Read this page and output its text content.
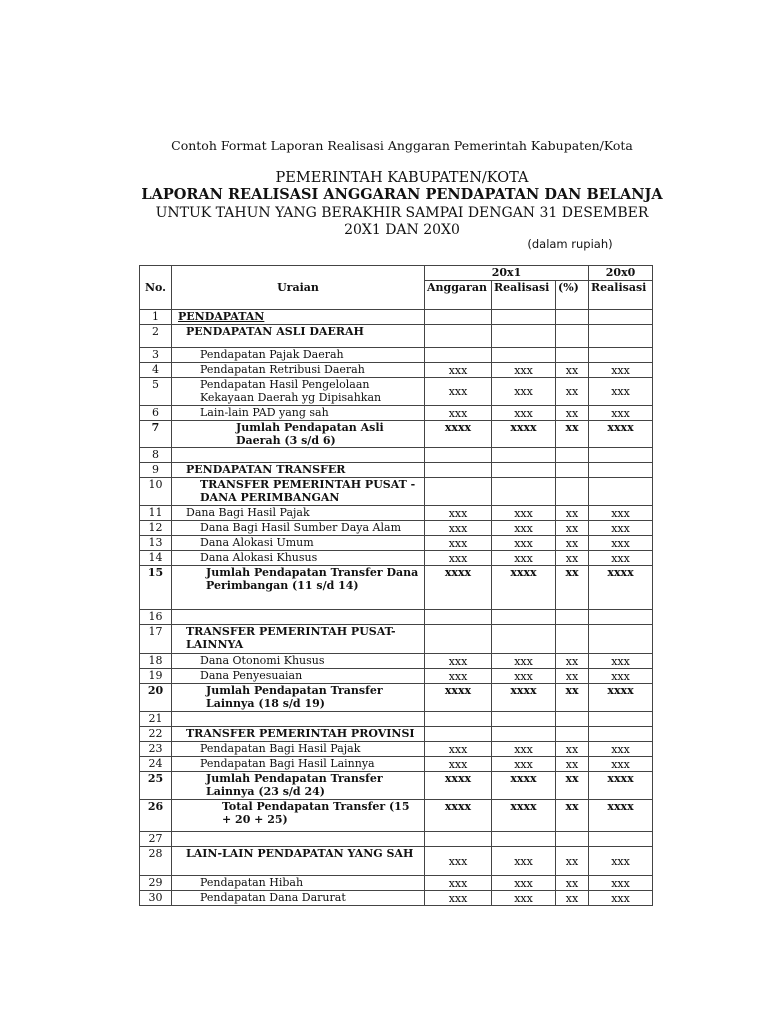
Contoh Format Laporan Realisasi Anggaran Pemerintah Kabupaten/Kota
PEMERINTAH KABUPATEN/KOTA
LAPORAN REALISASI ANGGARAN PENDAPATAN DAN BELANJA
UNTUK TAHUN YANG BERAKHIR SAMPAI DENGAN 31 DESEMBER
20X1 DAN 20X0
(dalam rupiah)
No.	Uraian	20x1			20x0
		Anggaran	Realisasi	(%)	Realisasi
1	PENDAPATAN				
2	PENDAPATAN ASLI DAERAH				
3	Pendapatan Pajak Daerah				
4	Pendapatan Retribusi Daerah	xxx	xxx	xx	xxx
5	Pendapatan Hasil Pengelolaan Kekayaan Daerah yg Dipisahkan	xxx	xxx	xx	xxx
6	Lain-lain PAD yang sah	xxx	xxx	xx	xxx
7	Jumlah Pendapatan Asli Daerah (3 s/d 6)	xxxx	xxxx	xx	xxxx
8					
9	PENDAPATAN TRANSFER				
10	TRANSFER PEMERINTAH PUSAT - DANA PERIMBANGAN				
11	Dana Bagi Hasil Pajak	xxx	xxx	xx	xxx
12	Dana Bagi Hasil Sumber Daya Alam	xxx	xxx	xx	xxx
13	Dana Alokasi Umum	xxx	xxx	xx	xxx
14	Dana Alokasi Khusus	xxx	xxx	xx	xxx
15	Jumlah Pendapatan Transfer Dana Perimbangan (11 s/d 14)	xxxx	xxxx	xx	xxxx
16					
17	TRANSFER PEMERINTAH PUSAT-LAINNYA				
18	Dana Otonomi Khusus	xxx	xxx	xx	xxx
19	Dana Penyesuaian	xxx	xxx	xx	xxx
20	Jumlah Pendapatan Transfer Lainnya (18 s/d 19)	xxxx	xxxx	xx	xxxx
21					
22	TRANSFER PEMERINTAH PROVINSI				
23	Pendapatan Bagi Hasil Pajak	xxx	xxx	xx	xxx
24	Pendapatan Bagi Hasil Lainnya	xxx	xxx	xx	xxx
25	Jumlah Pendapatan Transfer Lainnya (23 s/d 24)	xxxx	xxxx	xx	xxxx
26	Total Pendapatan Transfer (15 + 20 + 25)	xxxx	xxxx	xx	xxxx
27					
28	LAIN-LAIN PENDAPATAN YANG SAH	xxx	xxx	xx	xxx
29	Pendapatan Hibah	xxx	xxx	xx	xxx
30	Pendapatan Dana Darurat	xxx	xxx	xx	xxx
